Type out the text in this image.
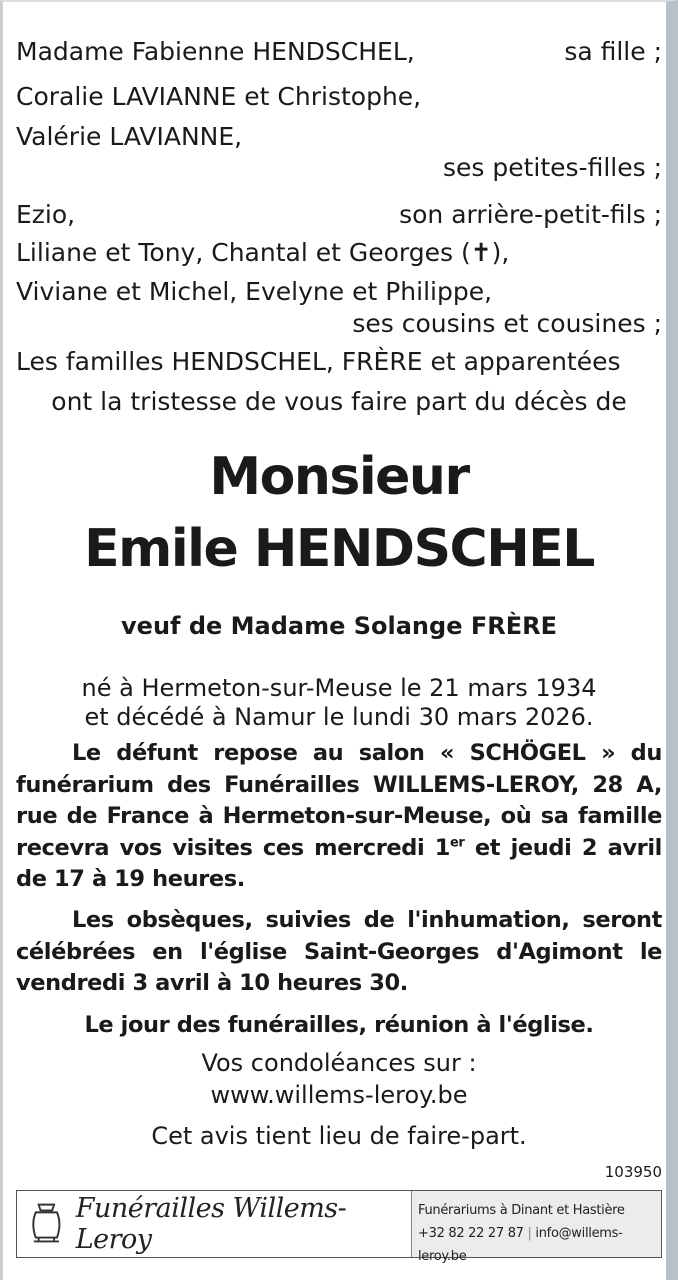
Madame Fabienne HENDSCHEL,	sa fille ;
Coralie LAVIANNE et Christophe,
Valérie LAVIANNE,
ses petites-filles ;
Ezio,	son arrière-petit-fils ;
Liliane et Tony, Chantal et Georges (✝),
Viviane et Michel, Evelyne et Philippe,
ses cousins et cousines ;
Les familles HENDSCHEL, FRÈRE et apparentées
ont la tristesse de vous faire part du décès de
Monsieur
Emile HENDSCHEL
veuf de Madame Solange FRÈRE
né à Hermeton-sur-Meuse le 21 mars 1934
et décédé à Namur le lundi 30 mars 2026.
Le défunt repose au salon « SCHÖGEL » du funérarium des Funérailles WILLEMS-LEROY, 28 A, rue de France à Hermeton-sur-Meuse, où sa famille recevra vos visites ces mercredi 1er et jeudi 2 avril de 17 à 19 heures.
Les obsèques, suivies de l'inhumation, seront célébrées en l'église Saint-Georges d'Agimont le vendredi 3 avril à 10 heures 30.
Le jour des funérailles, réunion à l'église.
Vos condoléances sur :
www.willems-leroy.be
Cet avis tient lieu de faire-part.
103950
Funérailles Willems-Leroy
Funérariums à Dinant et Hastière
+32 82 22 27 87 | info@willems-leroy.be
